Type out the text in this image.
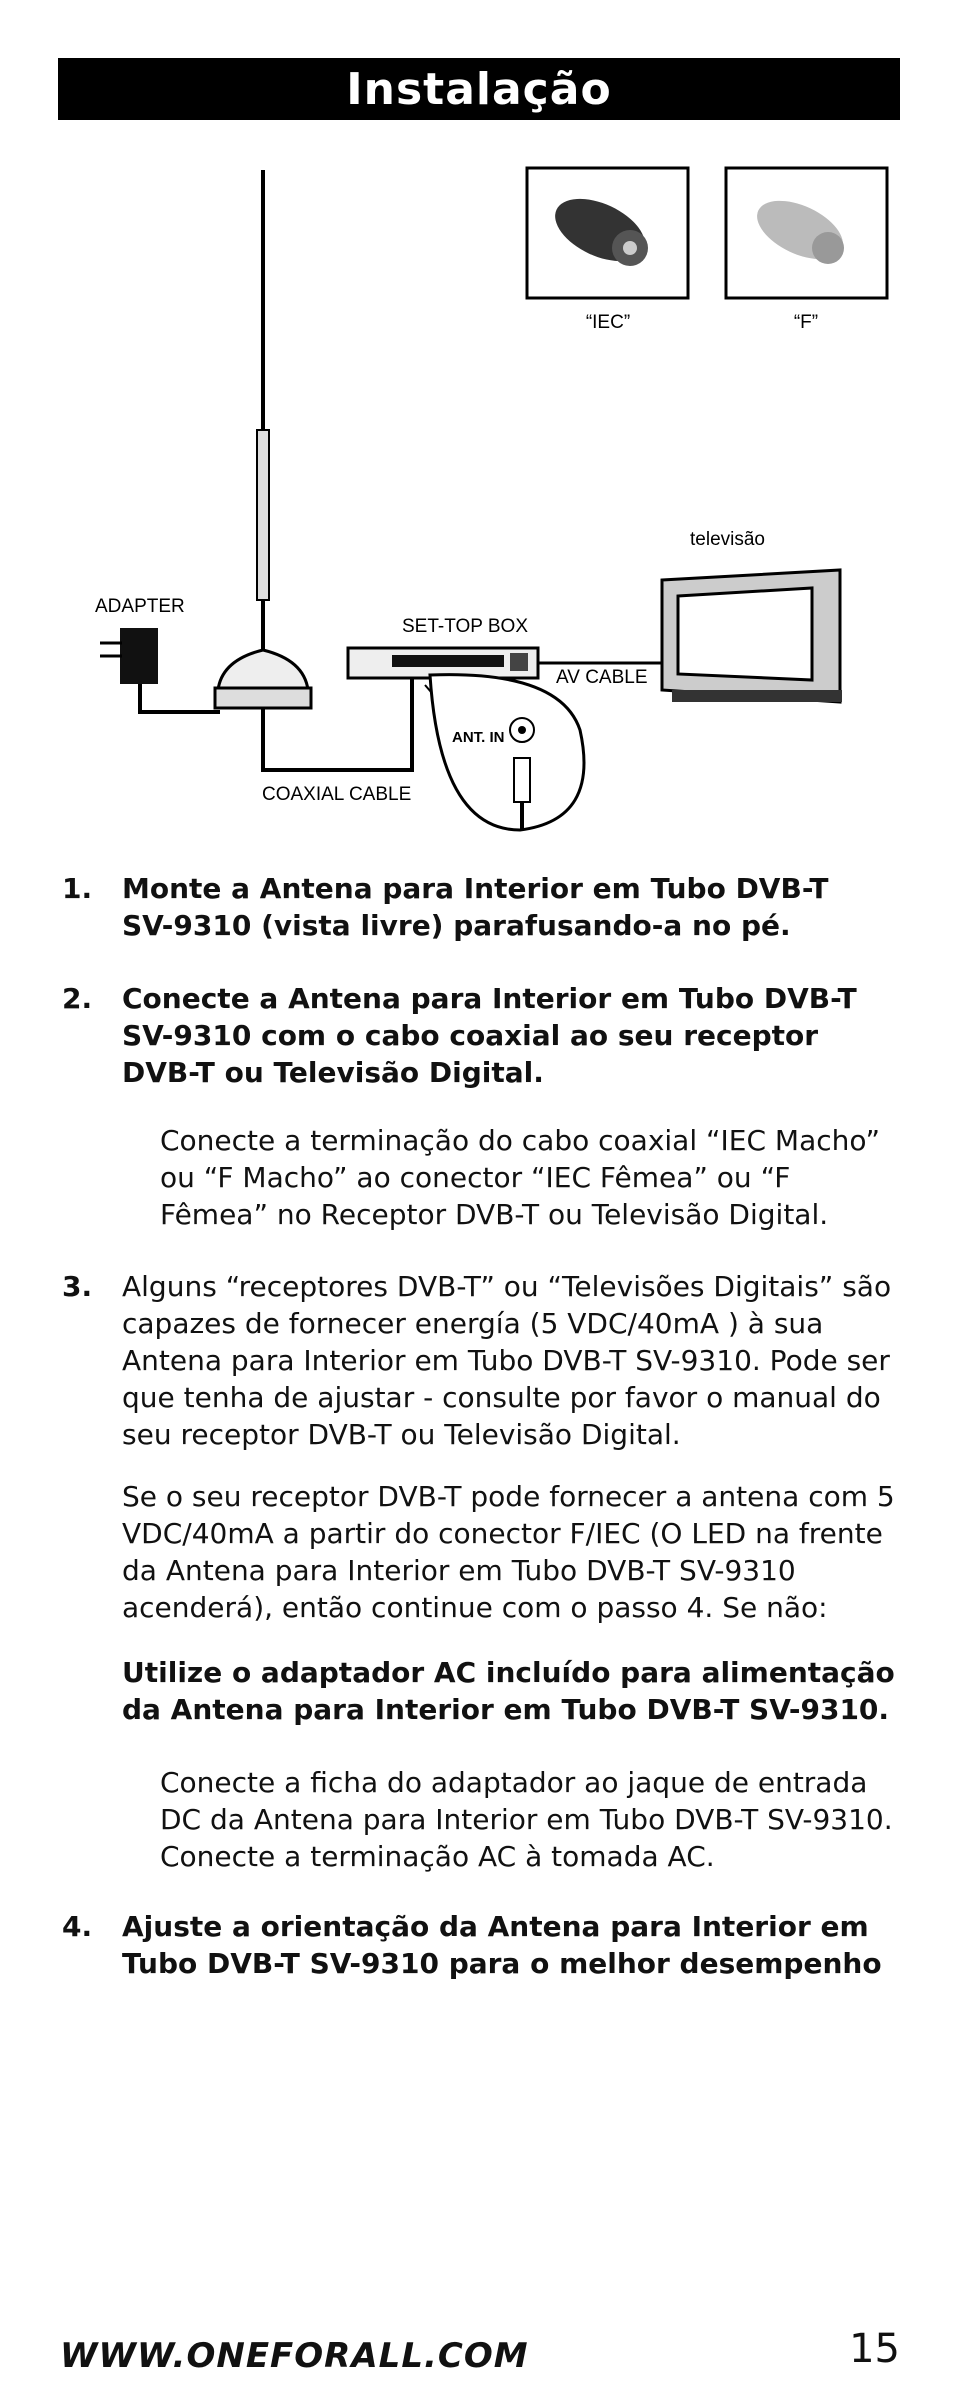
Instalação
“IEC”	“F”
ADAPTER
COAXIAL CABLE
SET-TOP BOX
AV CABLE
televisão
ANT. IN
1.	Monte a Antena para Interior em Tubo DVB-T SV-9310 (vista livre) parafusando-a no pé.
2.	Conecte a Antena para Interior em Tubo DVB-T SV-9310 com o cabo coaxial ao seu receptor DVB-T ou Televisão Digital.
Conecte a terminação do cabo coaxial “IEC Macho” ou “F Macho” ao conector “IEC Fêmea” ou “F Fêmea” no Receptor DVB-T ou Televisão Digital.
3.	Alguns “receptores DVB-T” ou “Televisões Digitais” são capazes de fornecer energía (5 VDC/40mA ) à sua Antena para Interior em Tubo DVB-T SV-9310. Pode ser que tenha de ajustar - consulte por favor o manual do seu receptor DVB-T ou Televisão Digital.
Se o seu receptor DVB-T pode fornecer a antena com 5 VDC/40mA a partir do conector F/IEC (O LED na frente da Antena para Interior em Tubo DVB-T SV-9310 acenderá), então continue com o passo 4. Se não:
Utilize o adaptador AC incluído para alimentação da Antena para Interior em Tubo DVB-T SV-9310.
Conecte a ficha do adaptador ao jaque de entrada DC da Antena para Interior em Tubo DVB-T SV-9310. Conecte a terminação AC à tomada AC.
4.	Ajuste a orientação da Antena para Interior em Tubo DVB-T SV-9310 para o melhor desempenho
WWW.ONEFORALL.COM	15
